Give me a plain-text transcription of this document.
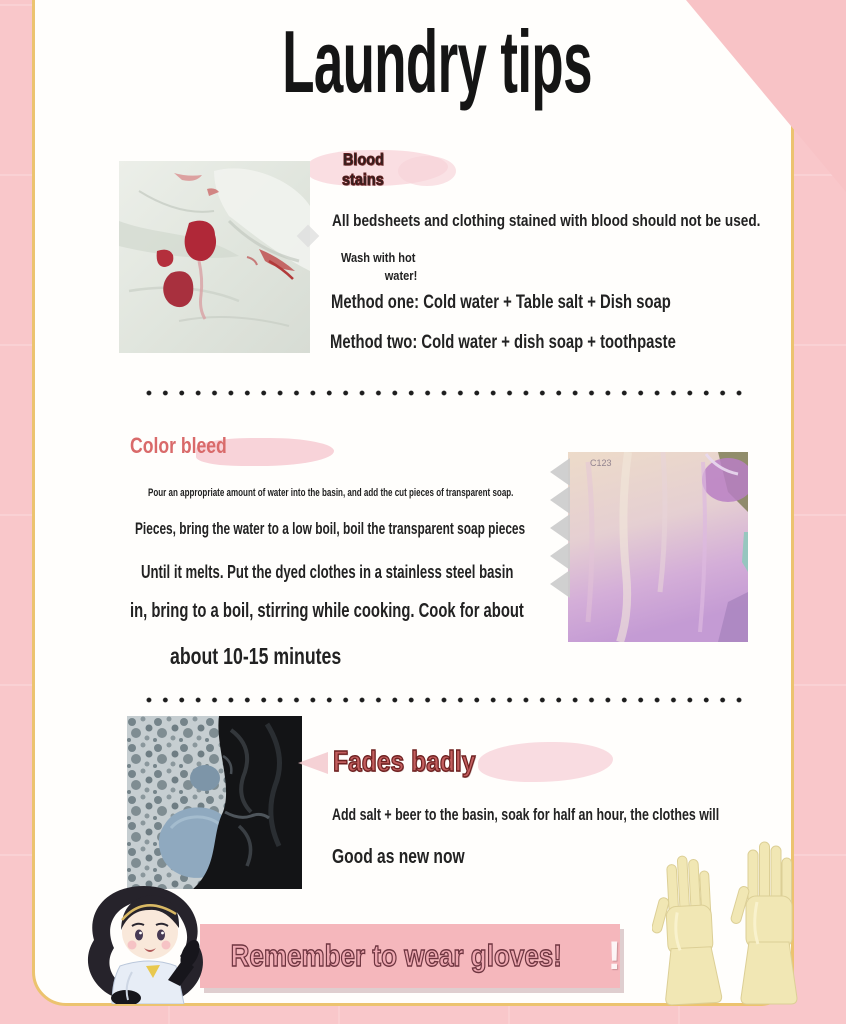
Laundry tips
Blood
stains
All bedsheets and clothing stained with blood should not be used.
Wash with hot
water!
Method one: Cold water + Table salt + Dish soap
Method two: Cold water + dish soap + toothpaste
Color bleed
C123
Pour an appropriate amount of water into the basin, and add the cut pieces of transparent soap.
Pieces, bring the water to a low boil, boil the transparent soap pieces
Until it melts. Put the dyed clothes in a stainless steel basin
in, bring to a boil, stirring while cooking. Cook for about
about 10-15 minutes
Fades badly
Add salt + beer to the basin, soak for half an hour, the clothes will
Good as new now
Remember to wear gloves! !
